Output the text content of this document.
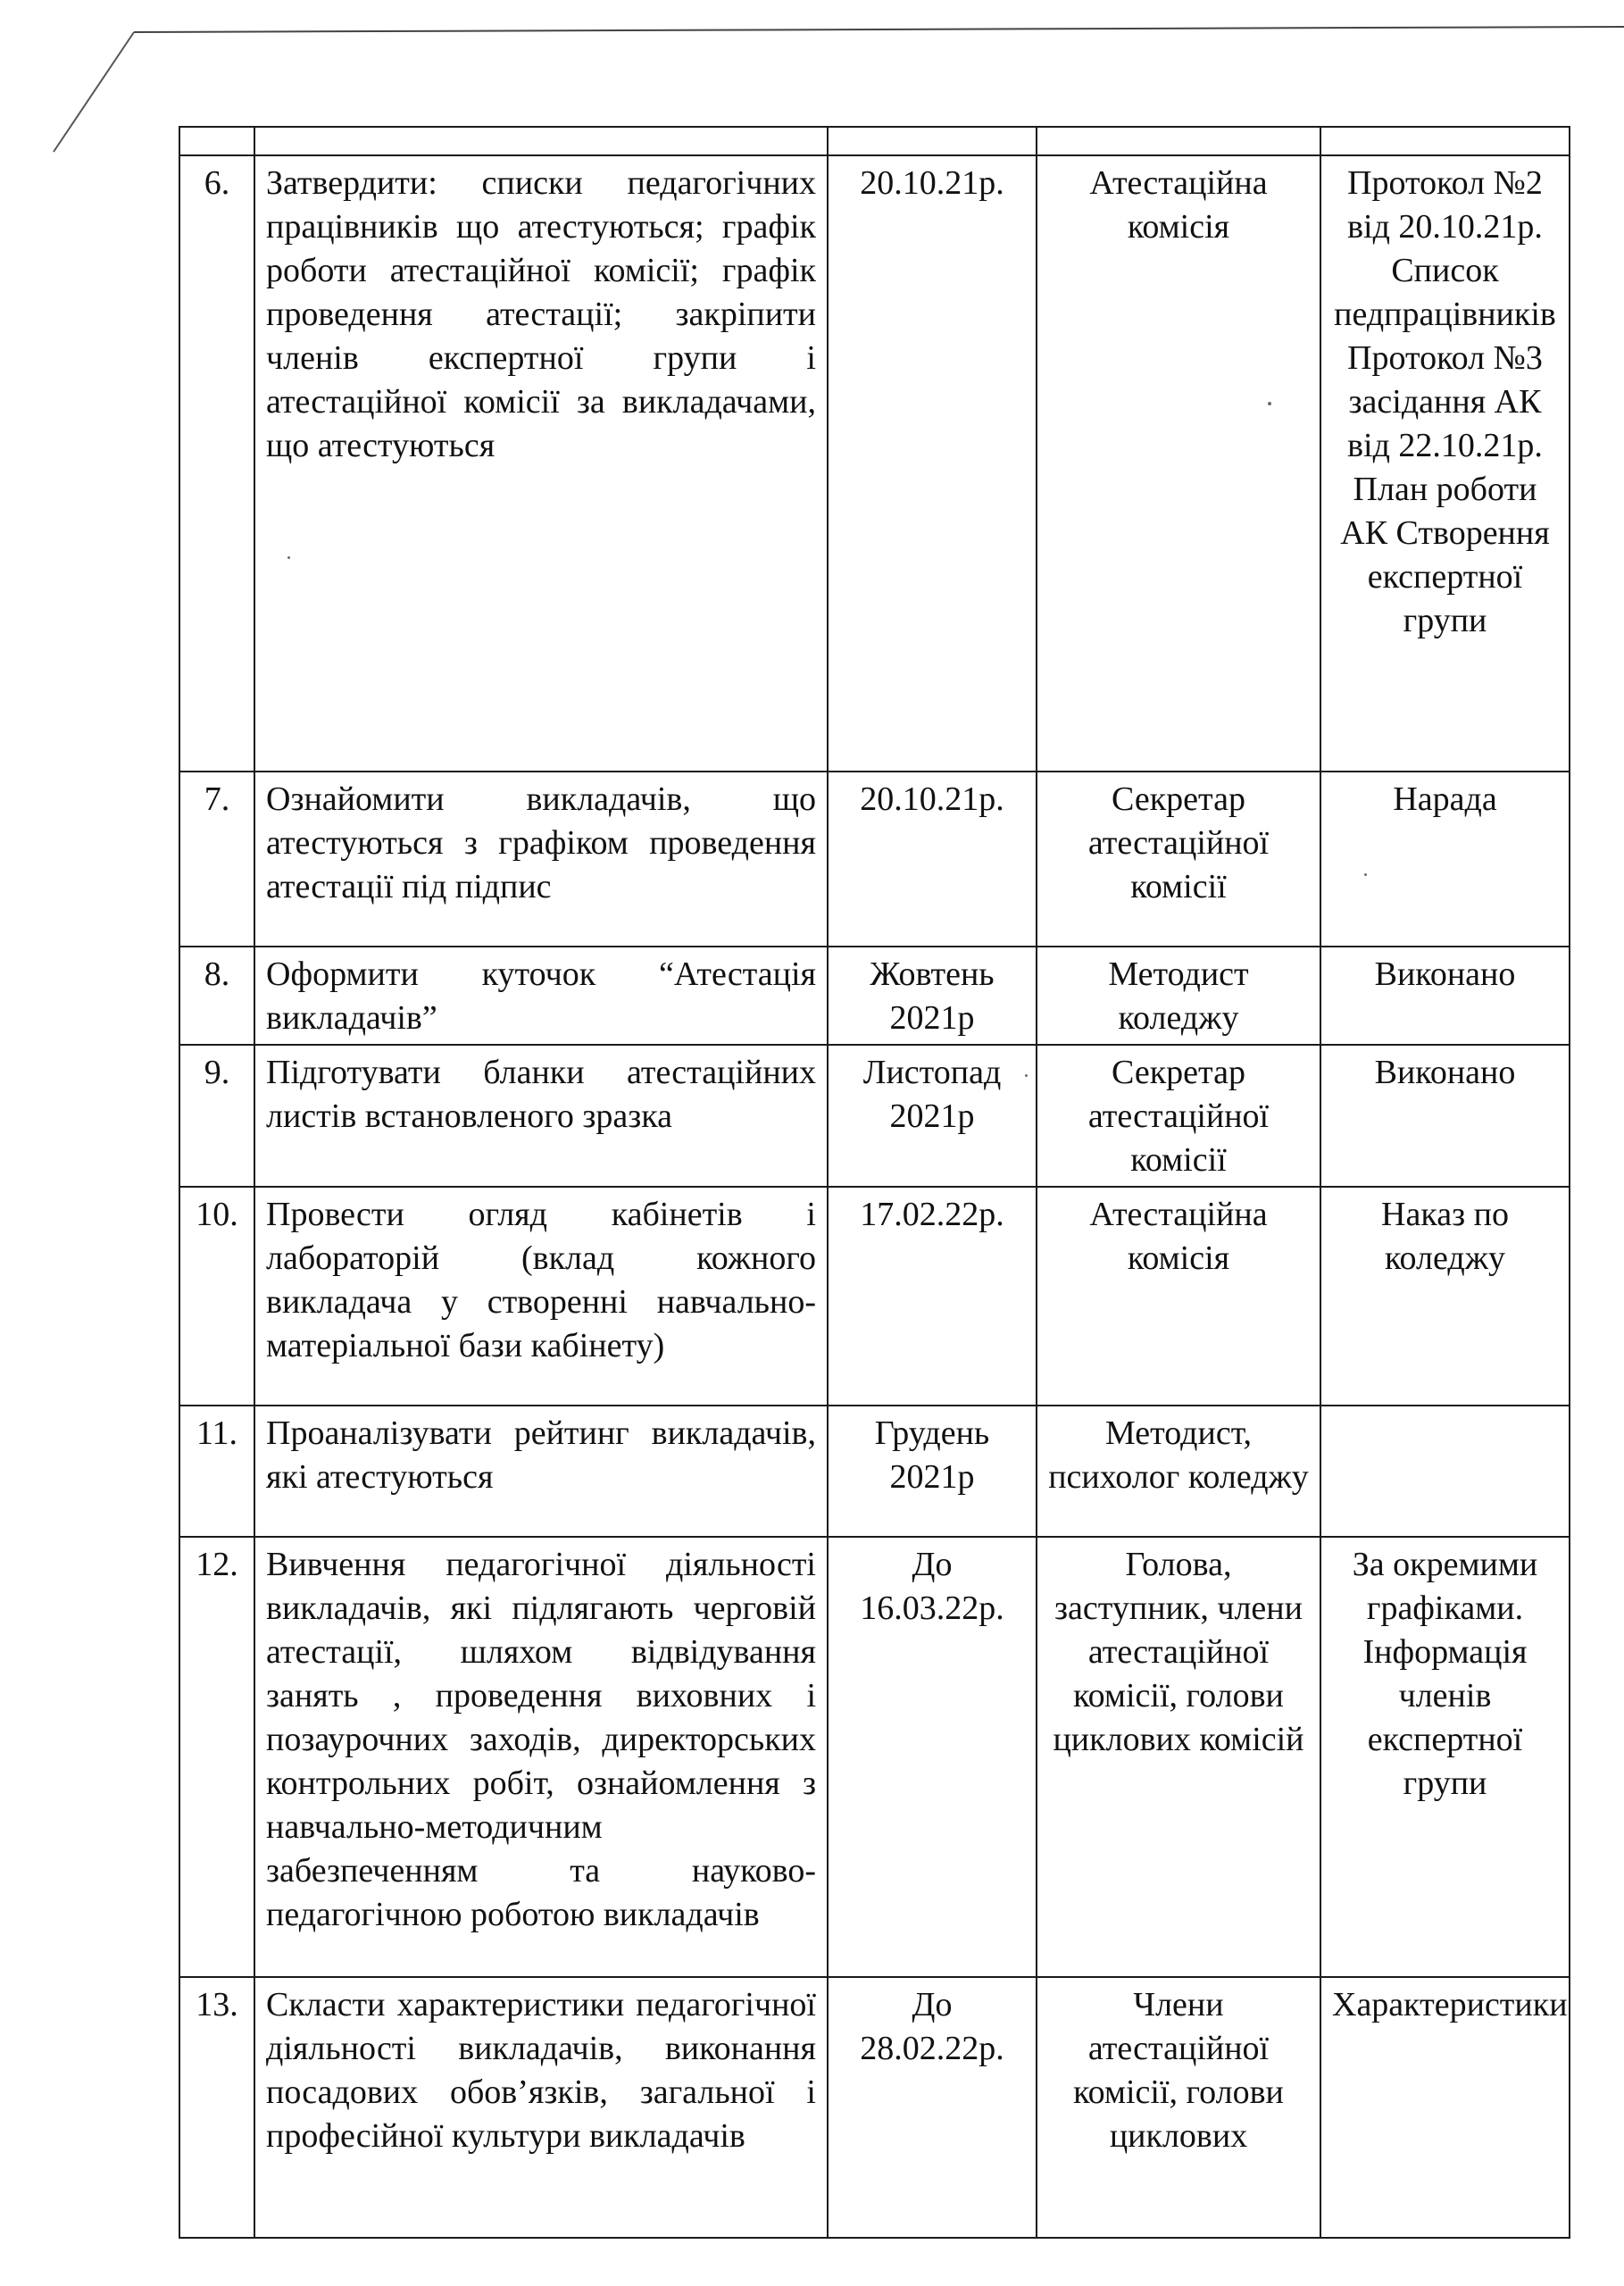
6.	Затвердити: списки педагогічних працівників що атестуються; графік роботи атестаційної комісії; графік проведення атестації; закріпити членів експертної групи і атестаційної комісії за викладачами, що атестуються	20.10.21р.	Атестаційна комісія	Протокол №2 від 20.10.21р. Список педпрацівників Протокол №3 засідання АК від 22.10.21р. План роботи АК Створення експертної групи
7.	Ознайомити викладачів, що атестуються з графіком проведення атестації під підпис	20.10.21р.	Секретар атестаційної комісії	Нарада
8.	Оформити куточок “Атестація викладачів”	Жовтень 2021р	Методист коледжу	Виконано
9.	Підготувати бланки атестаційних листів встановленого зразка	Листопад 2021р	Секретар атестаційної комісії	Виконано
10.	Провести огляд кабінетів і лабораторій (вклад кожного викладача у створенні навчально-матеріальної бази кабінету)	17.02.22р.	Атестаційна комісія	Наказ по коледжу
11.	Проаналізувати рейтинг викладачів, які атестуються	Грудень 2021р	Методист, психолог коледжу	
12.	Вивчення педагогічної діяльності викладачів, які підлягають черговій атестації, шляхом відвідування занять , проведення виховних і позаурочних заходів, директорських контрольних робіт, ознайомлення з навчально-методичним забезпеченням та науково-педагогічною роботою викладачів	До 16.03.22р.	Голова, заступник, члени атестаційної комісії, голови циклових комісій	За окремими графіками. Інформація членів експертної групи
13.	Скласти характеристики педагогічної діяльності викладачів, виконання посадових обов’язків, загальної і професійної культури викладачів	До 28.02.22р.	Члени атестаційної комісії, голови циклових	Характеристики
